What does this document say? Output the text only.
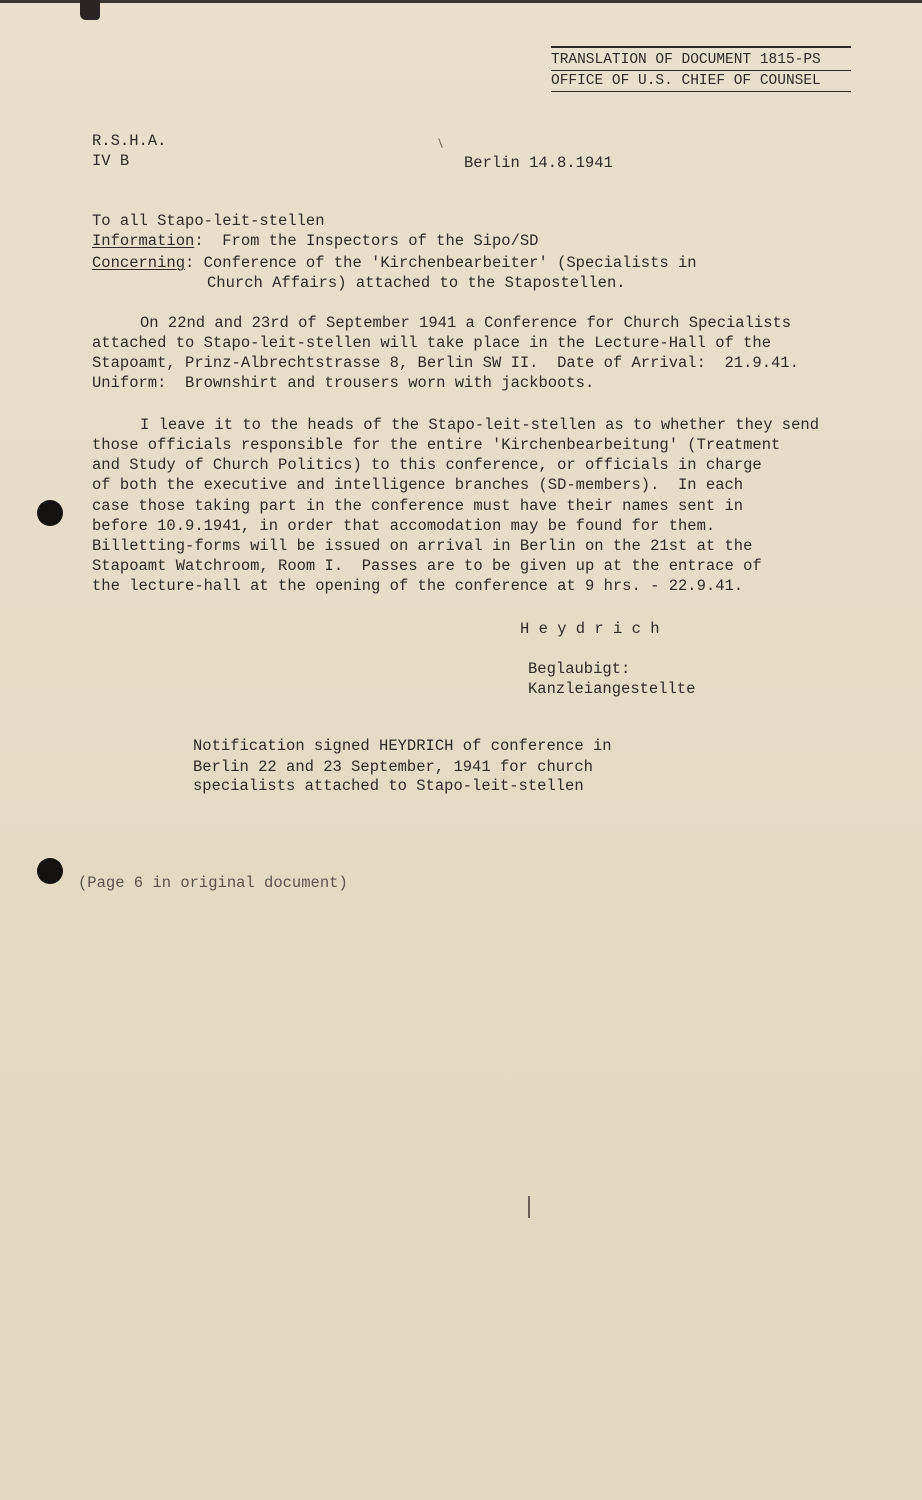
TRANSLATION OF DOCUMENT 1815-PS
OFFICE OF U.S. CHIEF OF COUNSEL
R.S.H.A.
IV B	Berlin 14.8.1941
To all Stapo-leit-stellen
Information:  From the Inspectors of the Sipo/SD
Concerning: Conference of the 'Kirchenbearbeiter' (Specialists in
Church Affairs) attached to the Stapostellen.
On 22nd and 23rd of September 1941 a Conference for Church Specialists
attached to Stapo-leit-stellen will take place in the Lecture-Hall of the
Stapoamt, Prinz-Albrechtstrasse 8, Berlin SW II.  Date of Arrival:  21.9.41.
Uniform:  Brownshirt and trousers worn with jackboots.
I leave it to the heads of the Stapo-leit-stellen as to whether they send
those officials responsible for the entire 'Kirchenbearbeitung' (Treatment
and Study of Church Politics) to this conference, or officials in charge
of both the executive and intelligence branches (SD-members).  In each
case those taking part in the conference must have their names sent in
before 10.9.1941, in order that accomodation may be found for them.
Billetting-forms will be issued on arrival in Berlin on the 21st at the
Stapoamt Watchroom, Room I.  Passes are to be given up at the entrace of
the lecture-hall at the opening of the conference at 9 hrs. - 22.9.41.
H e y d r i c h
Beglaubigt:
Kanzleiangestellte
Notification signed HEYDRICH of conference in
Berlin 22 and 23 September, 1941 for church
specialists attached to Stapo-leit-stellen
(Page 6 in original document)
